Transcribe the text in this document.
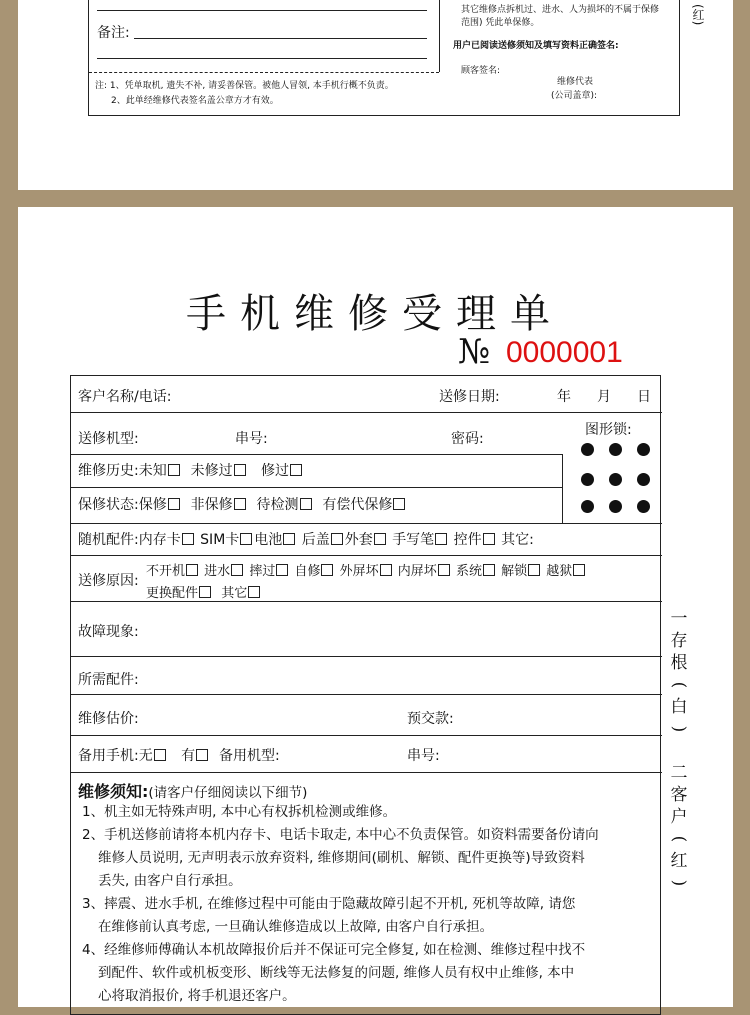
备注:
其它维修点拆机过、进水、人为损坏的不属于保修
范围) 凭此单保修。
用户已阅读送修须知及填写资料正确签名:
顾客签名:
维修代表
(公司盖章):
注: 1、凭单取机, 遗失不补, 请妥善保管。被他人冒领, 本手机行概不负责。
2、此单经维修代表签名盖公章方才有效。
(红)
手机维修受理单
№ 0000001
客户名称/电话:	送修日期:	年 月 日
送修机型:	串号:	密码:
图形锁:
维修历史:未知 未修过 修过
保修状态:保修 非保修 待检测 有偿代保修
随机配件:内存卡 SIM卡 电池 后盖 外套 手写笔 控件 其它:
送修原因:
不开机 进水 摔过 自修 外屏坏 内屏坏 系统 解锁 越狱
更换配件 其它
故障现象:
所需配件:
维修估价:	预交款:
备用手机:无 有 备用机型:	串号:
维修须知:(请客户仔细阅读以下细节)
1、机主如无特殊声明, 本中心有权拆机检测或维修。
2、手机送修前请将本机内存卡、电话卡取走, 本中心不负责保管。如资料需要备份请向
维修人员说明, 无声明表示放弃资料, 维修期间(刷机、解锁、配件更换等)导致资料
丢失, 由客户自行承担。
3、摔震、进水手机, 在维修过程中可能由于隐藏故障引起不开机, 死机等故障, 请您
在维修前认真考虑, 一旦确认维修造成以上故障, 由客户自行承担。
4、经维修师傅确认本机故障报价后并不保证可完全修复, 如在检测、维修过程中找不
到配件、软件或机板变形、断线等无法修复的问题, 维修人员有权中止维修, 本中
心将取消报价, 将手机退还客户。
一
存
根
(
白
)
二
客
户
(
红
)
